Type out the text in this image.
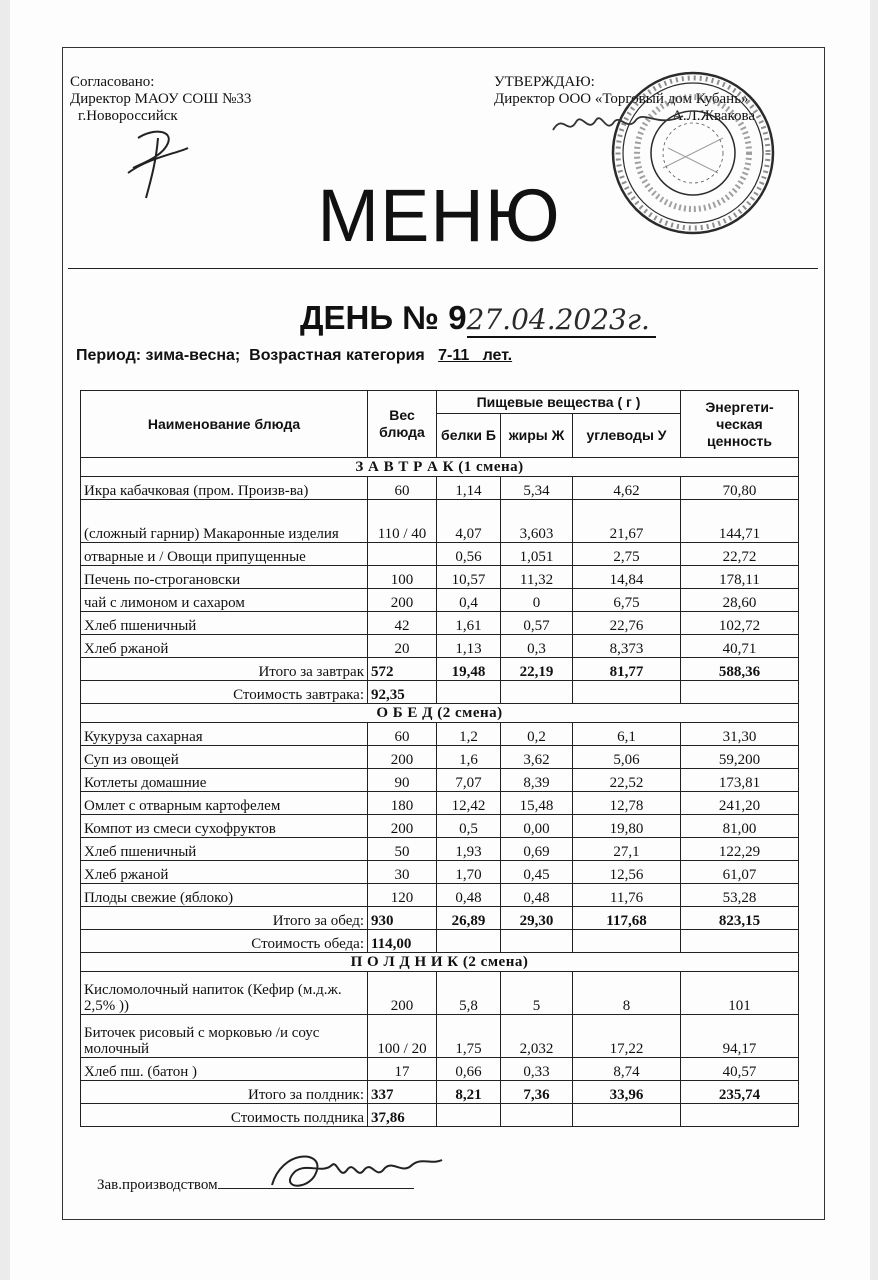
Согласовано:
Директор МАОУ СОШ №33
г.Новороссийск
УТВЕРЖДАЮ:
Директор ООО «Торговый дом Кубань»
А.Л.Жвакова
МЕНЮ
ДЕНЬ № 927.04.2023г.
Период: зима-весна;  Возрастная категория   7-11   лет.
Наименование блюда	Вес блюда	Пищевые вещества ( г )			Энергети-ческая ценность
		белки Б	жиры Ж	углеводы У	
З А В Т Р А К (1 смена)					
Икра кабачковая (пром. Произв-ва)	60	1,14	5,34	4,62	70,80
(сложный гарнир) Макаронные изделия	110 / 40	4,07	3,603	21,67	144,71
отварные и / Овощи припущенные		0,56	1,051	2,75	22,72
Печень по-строгановски	100	10,57	11,32	14,84	178,11
чай с лимоном и сахаром	200	0,4	0	6,75	28,60
Хлеб пшеничный	42	1,61	0,57	22,76	102,72
Хлеб ржаной	20	1,13	0,3	8,373	40,71
Итого за завтрак	572	19,48	22,19	81,77	588,36
Стоимость завтрака:	92,35				
О Б Е Д (2 смена)					
Кукуруза сахарная	60	1,2	0,2	6,1	31,30
Суп из овощей	200	1,6	3,62	5,06	59,200
Котлеты домашние	90	7,07	8,39	22,52	173,81
Омлет с отварным картофелем	180	12,42	15,48	12,78	241,20
Компот из смеси сухофруктов	200	0,5	0,00	19,80	81,00
Хлеб пшеничный	50	1,93	0,69	27,1	122,29
Хлеб ржаной	30	1,70	0,45	12,56	61,07
Плоды свежие (яблоко)	120	0,48	0,48	11,76	53,28
Итого за обед:	930	26,89	29,30	117,68	823,15
Стоимость обеда:	114,00				
П О Л Д Н И К (2 смена)					
Кисломолочный напиток (Кефир (м.д.ж. 2,5% ))	200	5,8	5	8	101
Биточек рисовый с морковью /и соус молочный	100 / 20	1,75	2,032	17,22	94,17
Хлеб пш. (батон )	17	0,66	0,33	8,74	40,57
Итого за полдник:	337	8,21	7,36	33,96	235,74
Стоимость полдника	37,86				
Зав.производством
